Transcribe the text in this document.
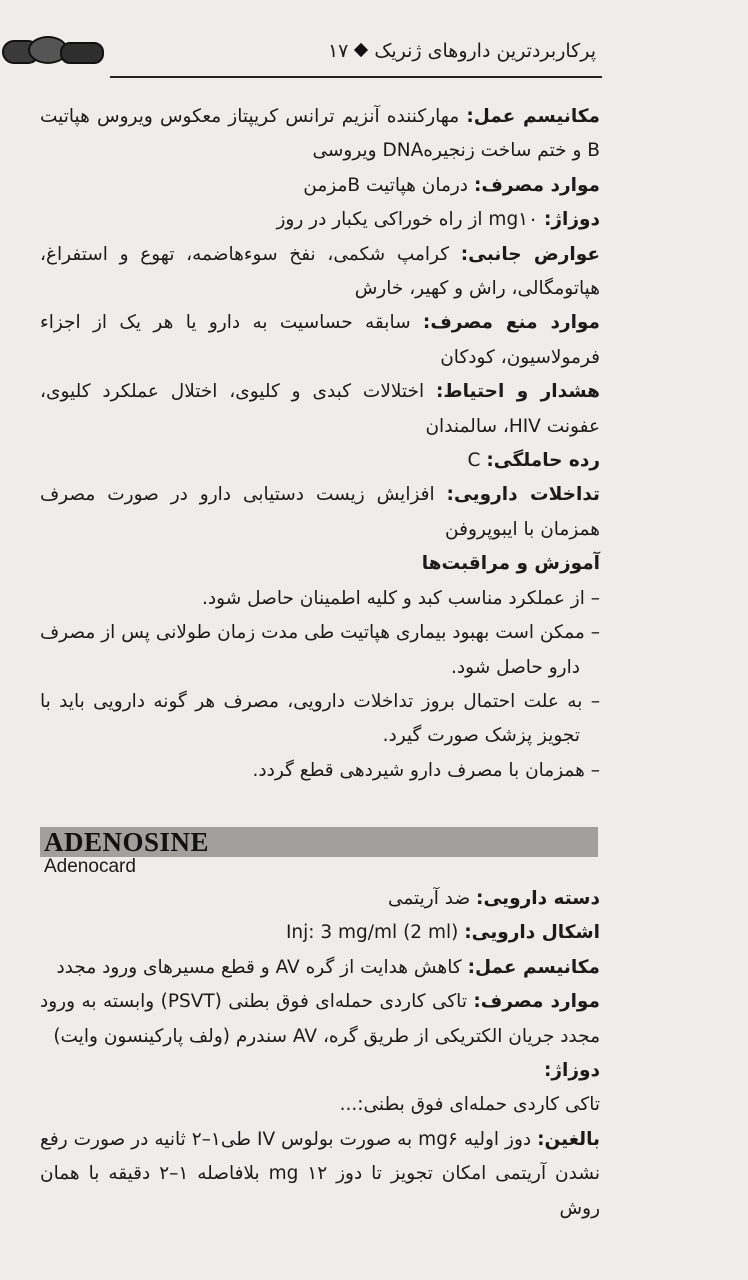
پرکاربردترین داروهای ژنریک۱۷

مکانیسم عمل: مهارکننده آنزیم ترانس کریپتاز معکوس ویروس هپاتیت B و ختم ساخت زنجیرهDNA ویروسی

موارد مصرف: درمان هپاتیت Bمزمن

دوزاژ: mg۱۰ از راه خوراکی یکبار در روز

عوارض جانبی: کرامپ شکمی، نفخ سوءهاضمه، تهوع و استفراغ، هپاتومگالی، راش و کهیر، خارش

موارد منع مصرف: سابقه حساسیت به دارو یا هر یک از اجزاء فرمولاسیون، کودکان

هشدار و احتیاط: اختلالات کبدی و کلیوی، اختلال عملکرد کلیوی، عفونت HIV، سالمندان

رده حاملگی: C

تداخلات دارویی: افزایش زیست دستیابی دارو در صورت مصرف همزمان با ایبوپروفن

آموزش و مراقبت‌ها

– از عملکرد مناسب کبد و کلیه اطمینان حاصل شود.

– ممکن است بهبود بیماری هپاتیت طی مدت زمان طولانی پس از مصرف دارو حاصل شود.

– به علت احتمال بروز تداخلات دارویی، مصرف هر گونه دارویی باید با تجویز پزشک صورت گیرد.

– همزمان با مصرف دارو شیردهی قطع گردد.

ADENOSINE
Adenocard

دسته دارویی: ضد آریتمی

اشکال دارویی: Inj: 3 mg/ml (2 ml)

مکانیسم عمل: کاهش هدایت از گره AV و قطع مسیرهای ورود مجدد

موارد مصرف: تاکی کاردی حمله‌ای فوق بطنی (PSVT) وابسته به ورود مجدد جریان الکتریکی از طریق گره، AV سندرم (ولف پارکینسون وایت)

دوزاژ:

تاکی کاردی حمله‌ای فوق بطنی:...

بالغین: دوز اولیه mg۶ به صورت بولوس IV طی۱–۲ ثانیه در صورت رفع نشدن آریتمی امکان تجویز تا دوز ۱۲ mg بلافاصله ۱–۲ دقیقه با همان روش
